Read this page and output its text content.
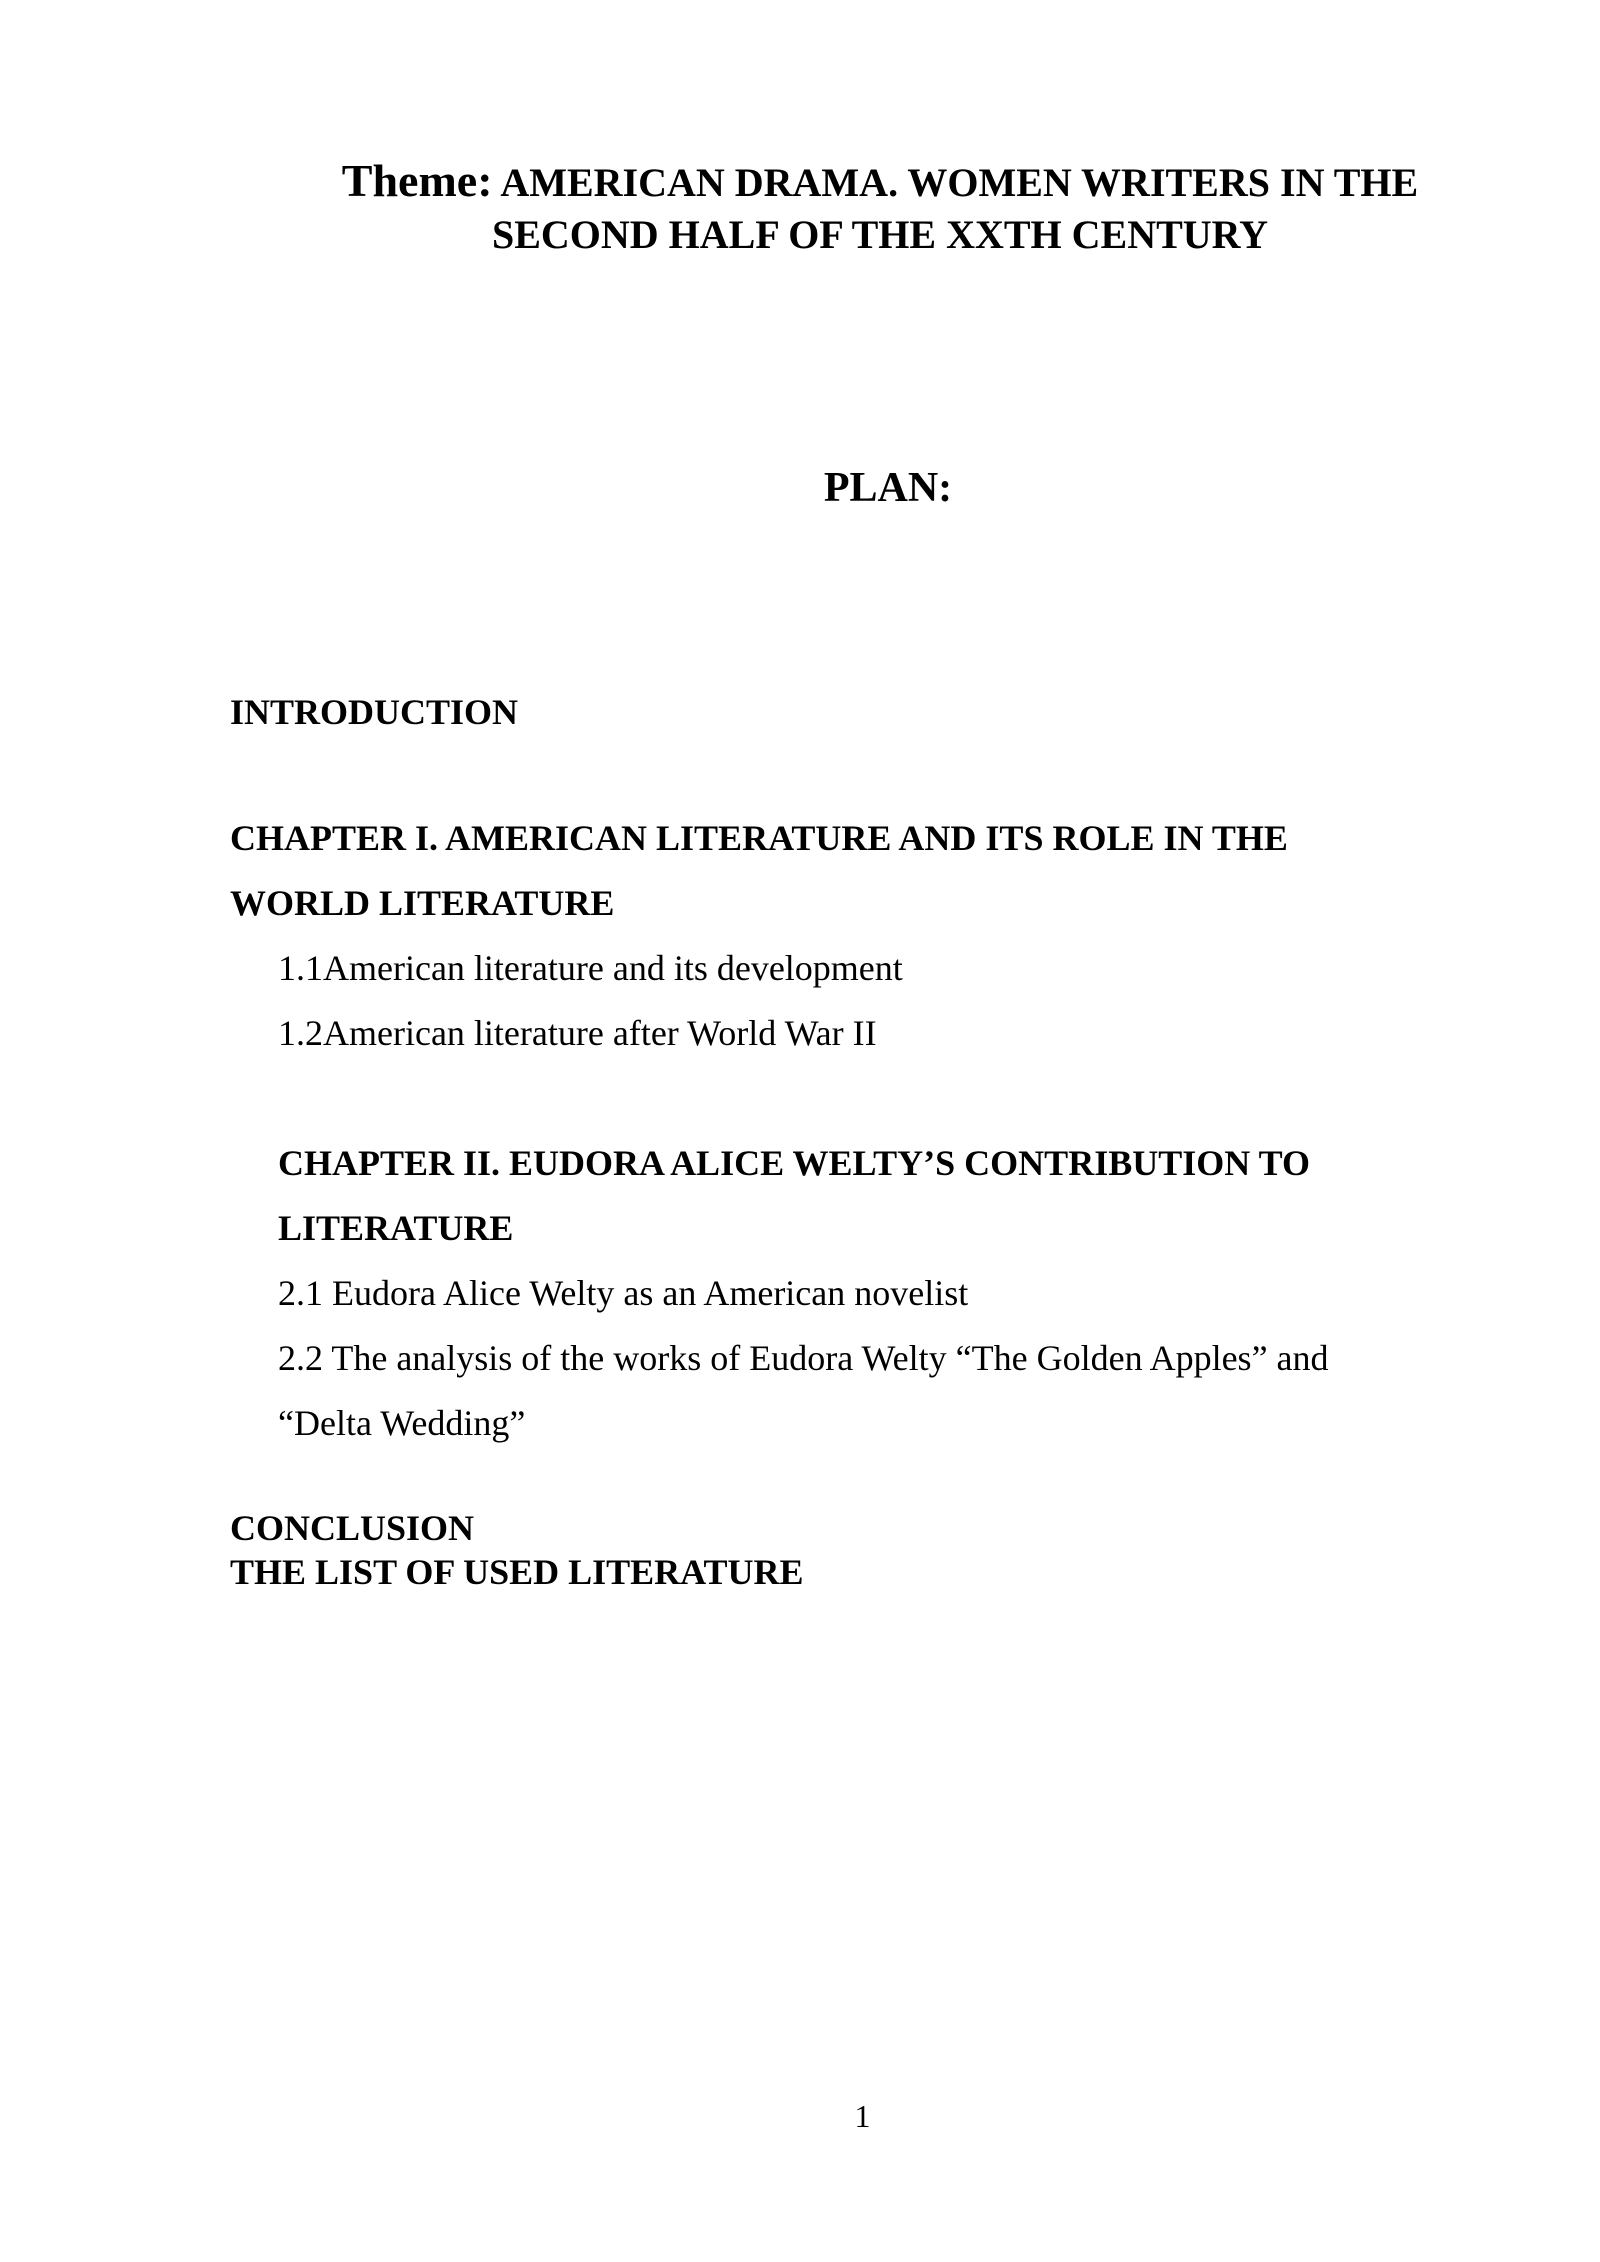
Theme: AMERICAN DRAMA. WOMEN WRITERS IN THE
SECOND HALF OF THE XXTH CENTURY
PLAN:
INTRODUCTION
CHAPTER I. AMERICAN LITERATURE AND ITS ROLE IN THE
WORLD LITERATURE
1.1American literature and its development
1.2American literature after World War II
CHAPTER II. EUDORA ALICE WELTY’S CONTRIBUTION TO
LITERATURE
2.1 Eudora Alice Welty as an American novelist
2.2 The analysis of the works of Eudora Welty “The Golden Apples” and
“Delta Wedding”
CONCLUSION
THE LIST OF USED LITERATURE
1
